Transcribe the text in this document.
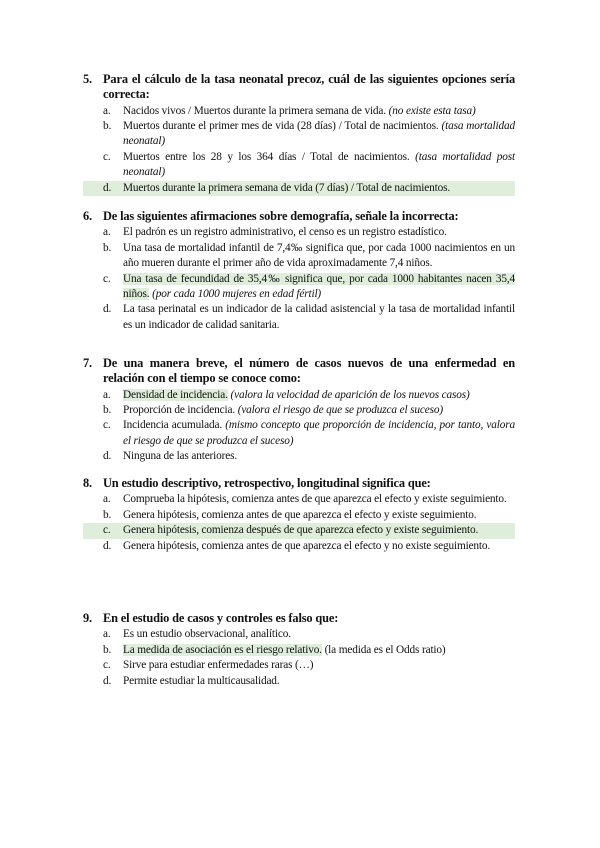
5. Para el cálculo de la tasa neonatal precoz, cuál de las siguientes opciones sería correcta:
a.	Nacidos vivos / Muertos durante la primera semana de vida. (no existe esta tasa)
b.	Muertos durante el primer mes de vida (28 días) / Total de nacimientos. (tasa mortalidad neonatal)
c.	Muertos entre los 28 y los 364 días / Total de nacimientos. (tasa mortalidad post neonatal)
d.	Muertos durante la primera semana de vida (7 días) / Total de nacimientos.
6. De las siguientes afirmaciones sobre demografía, señale la incorrecta:
a.	El padrón es un registro administrativo, el censo es un registro estadístico.
b.	Una tasa de mortalidad infantil de 7,4‰ significa que, por cada 1000 nacimientos en un año mueren durante el primer año de vida aproximadamente 7,4 niños.
c.	Una tasa de fecundidad de 35,4‰ significa que, por cada 1000 habitantes nacen 35,4 niños. (por cada 1000 mujeres en edad fértil)
d.	La tasa perinatal es un indicador de la calidad asistencial y la tasa de mortalidad infantil es un indicador de calidad sanitaria.
7. De una manera breve, el número de casos nuevos de una enfermedad en relación con el tiempo se conoce como:
a.	Densidad de incidencia. (valora la velocidad de aparición de los nuevos casos)
b.	Proporción de incidencia. (valora el riesgo de que se produzca el suceso)
c.	Incidencia acumulada. (mismo concepto que proporción de incidencia, por tanto, valora el riesgo de que se produzca el suceso)
d.	Ninguna de las anteriores.
8. Un estudio descriptivo, retrospectivo, longitudinal significa que:
a.	Comprueba la hipótesis, comienza antes de que aparezca el efecto y existe seguimiento.
b.	Genera hipótesis, comienza antes de que aparezca el efecto y existe seguimiento.
c.	Genera hipótesis, comienza después de que aparezca efecto y existe seguimiento.
d.	Genera hipótesis, comienza antes de que aparezca el efecto y no existe seguimiento.
9. En el estudio de casos y controles es falso que:
a.	Es un estudio observacional, analítico.
b.	La medida de asociación es el riesgo relativo. (la medida es el Odds ratio)
c.	Sirve para estudiar enfermedades raras (…)
d.	Permite estudiar la multicausalidad.
